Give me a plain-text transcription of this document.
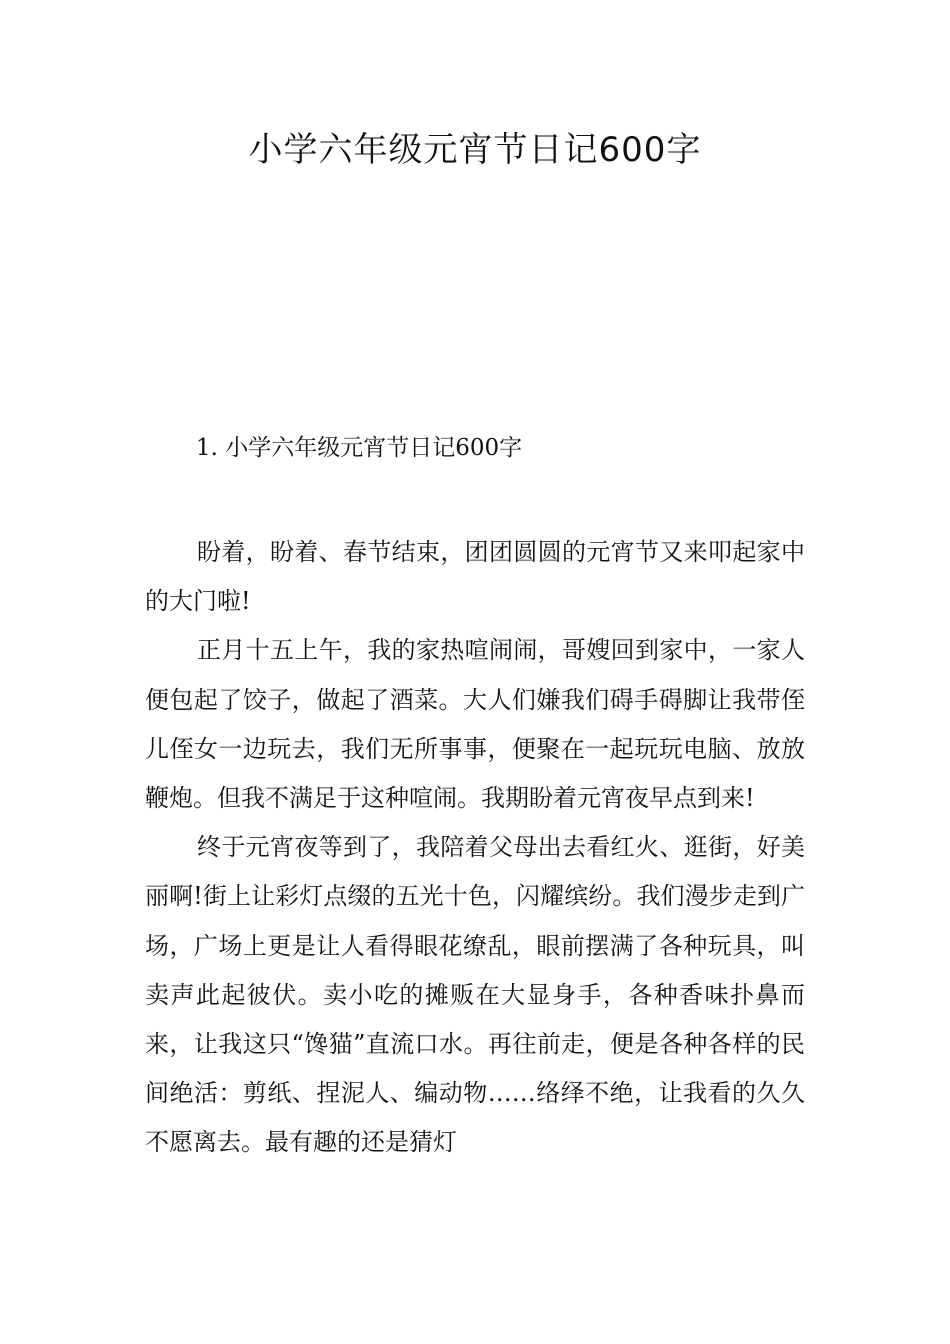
小学六年级元宵节日记600字
1. 小学六年级元宵节日记600字

盼着，盼着、春节结束，团团圆圆的元宵节又来叩起家中的大门啦!

正月十五上午，我的家热喧闹闹，哥嫂回到家中，一家人便包起了饺子，做起了酒菜。大人们嫌我们碍手碍脚让我带侄儿侄女一边玩去，我们无所事事，便聚在一起玩玩电脑、放放鞭炮。但我不满足于这种喧闹。我期盼着元宵夜早点到来!

终于元宵夜等到了，我陪着父母出去看红火、逛街，好美丽啊!街上让彩灯点缀的五光十色，闪耀缤纷。我们漫步走到广场，广场上更是让人看得眼花缭乱，眼前摆满了各种玩具，叫卖声此起彼伏。卖小吃的摊贩在大显身手，各种香味扑鼻而来，让我这只“馋猫”直流口水。再往前走，便是各种各样的民间绝活：剪纸、捏泥人、编动物……络绎不绝，让我看的久久不愿离去。最有趣的还是猜灯
